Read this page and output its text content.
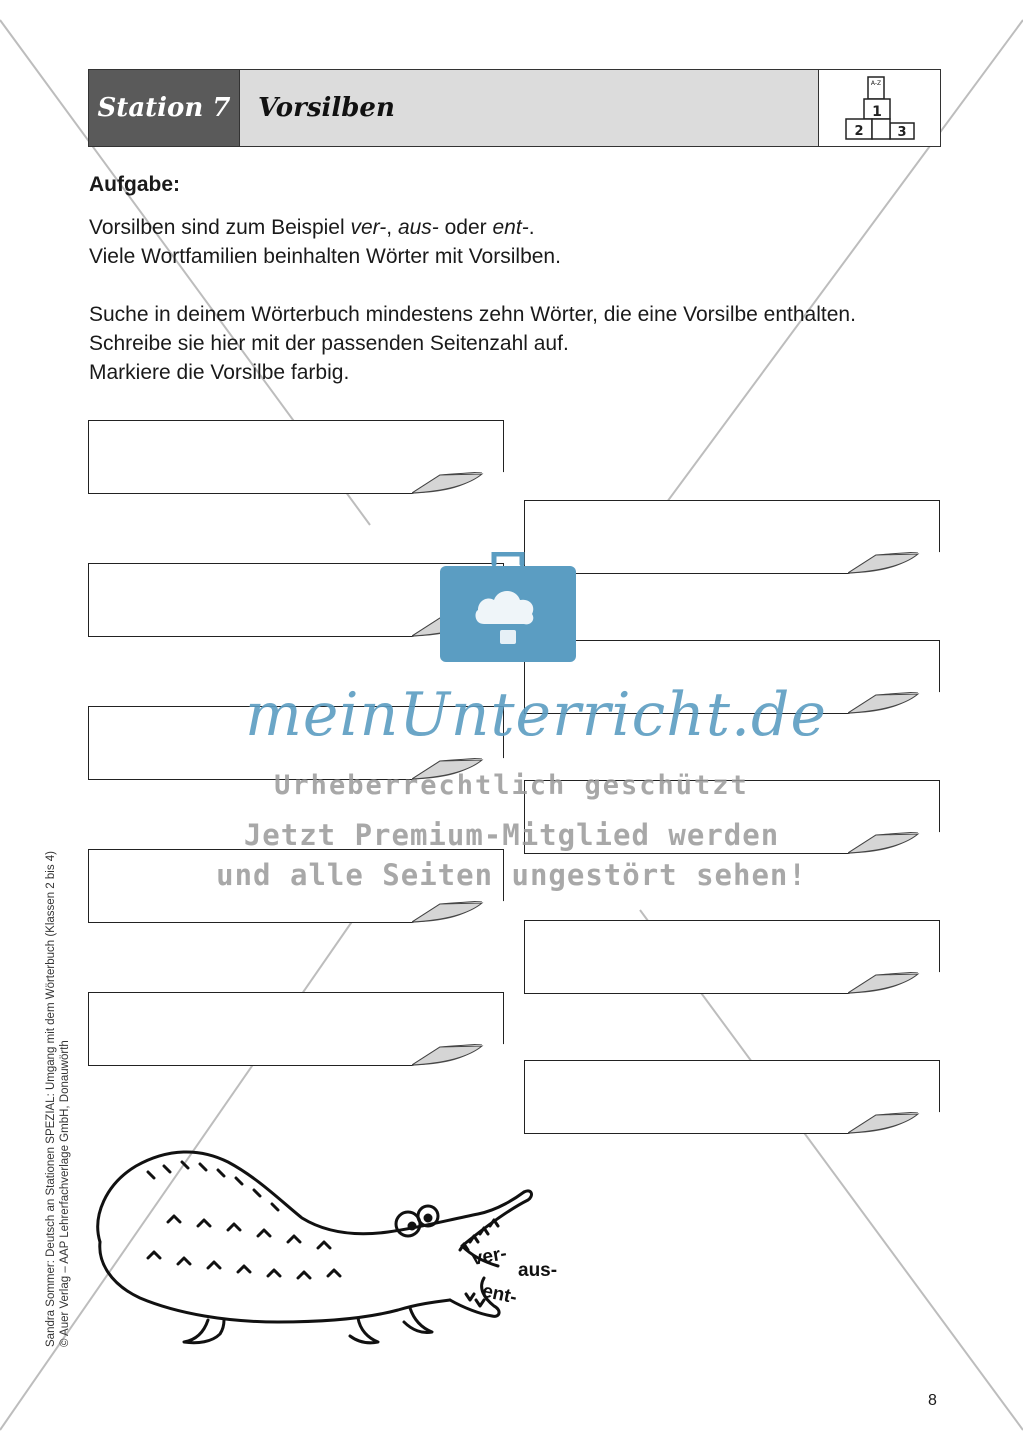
Station 7	Vorsilben
A-Z
1
2	3
Aufgabe:

Vorsilben sind zum Beispiel ver-, aus- oder ent-.
Viele Wortfamilien beinhalten Wörter mit Vorsilben.

Suche in deinem Wörterbuch mindestens zehn Wörter, die eine Vorsilbe enthalten.
Schreibe sie hier mit der passenden Seitenzahl auf.
Markiere die Vorsilbe farbig.

meinUnterricht.de
Urheberrechtlich geschützt
Jetzt Premium-Mitglied werden
und alle Seiten ungestört sehen!
ver-
aus-
ent-
Sandra Sommer: Deutsch an Stationen SPEZIAL: Umgang mit dem Wörterbuch (Klassen 2 bis 4) © Auer Verlag – AAP Lehrerfachverlage GmbH, Donauwörth
8
